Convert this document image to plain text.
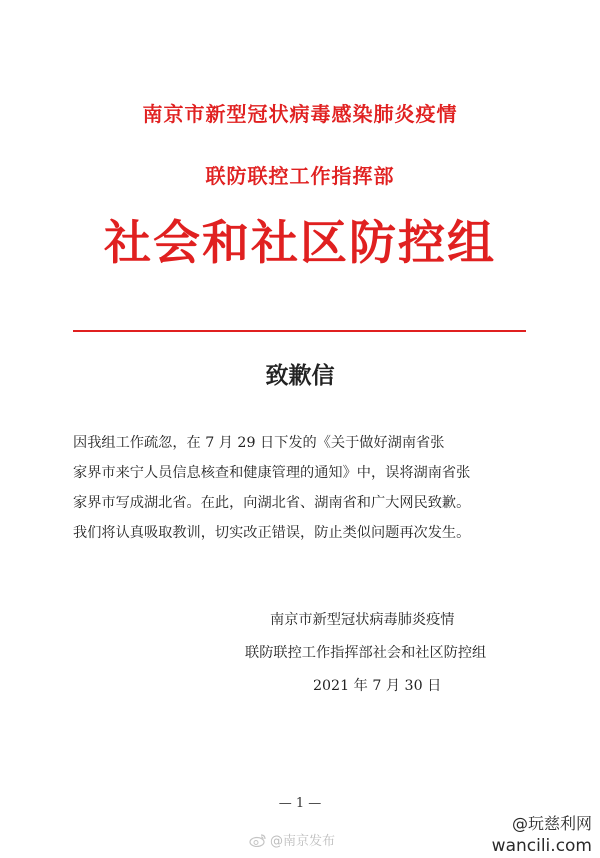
南京市新型冠状病毒感染肺炎疫情
联防联控工作指挥部
社会和社区防控组
致歉信
因我组工作疏忽，在 7 月 29 日下发的《关于做好湖南省张
家界市来宁人员信息核查和健康管理的通知》中，误将湖南省张
家界市写成湖北省。在此，向湖北省、湖南省和广大网民致歉。
我们将认真吸取教训，切实改正错误，防止类似问题再次发生。
南京市新型冠状病毒肺炎疫情
联防联控工作指挥部社会和社区防控组
2021 年 7 月 30 日
— 1 —
@南京发布
@玩慈利网
wancili.com
